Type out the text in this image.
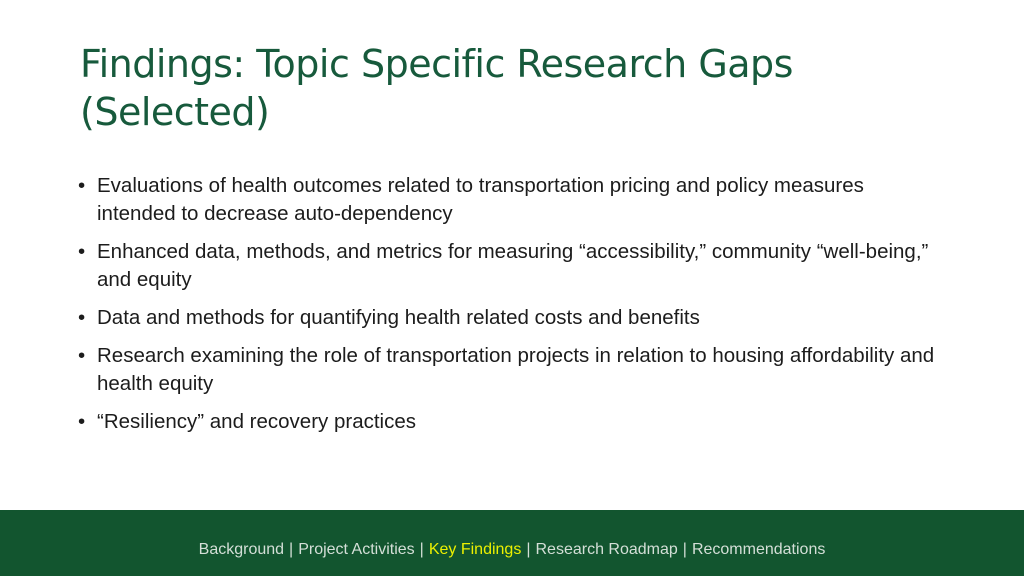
Findings: Topic Specific Research Gaps (Selected)
• Evaluations of health outcomes related to transportation pricing and policy measures intended to decrease auto-dependency
• Enhanced data, methods, and metrics for measuring “accessibility,” community “well-being,” and equity
• Data and methods for quantifying health related costs and benefits
• Research examining the role of transportation projects in relation to housing affordability and health equity
• “Resiliency” and recovery practices
Background | Project Activities | Key Findings | Research Roadmap | Recommendations
